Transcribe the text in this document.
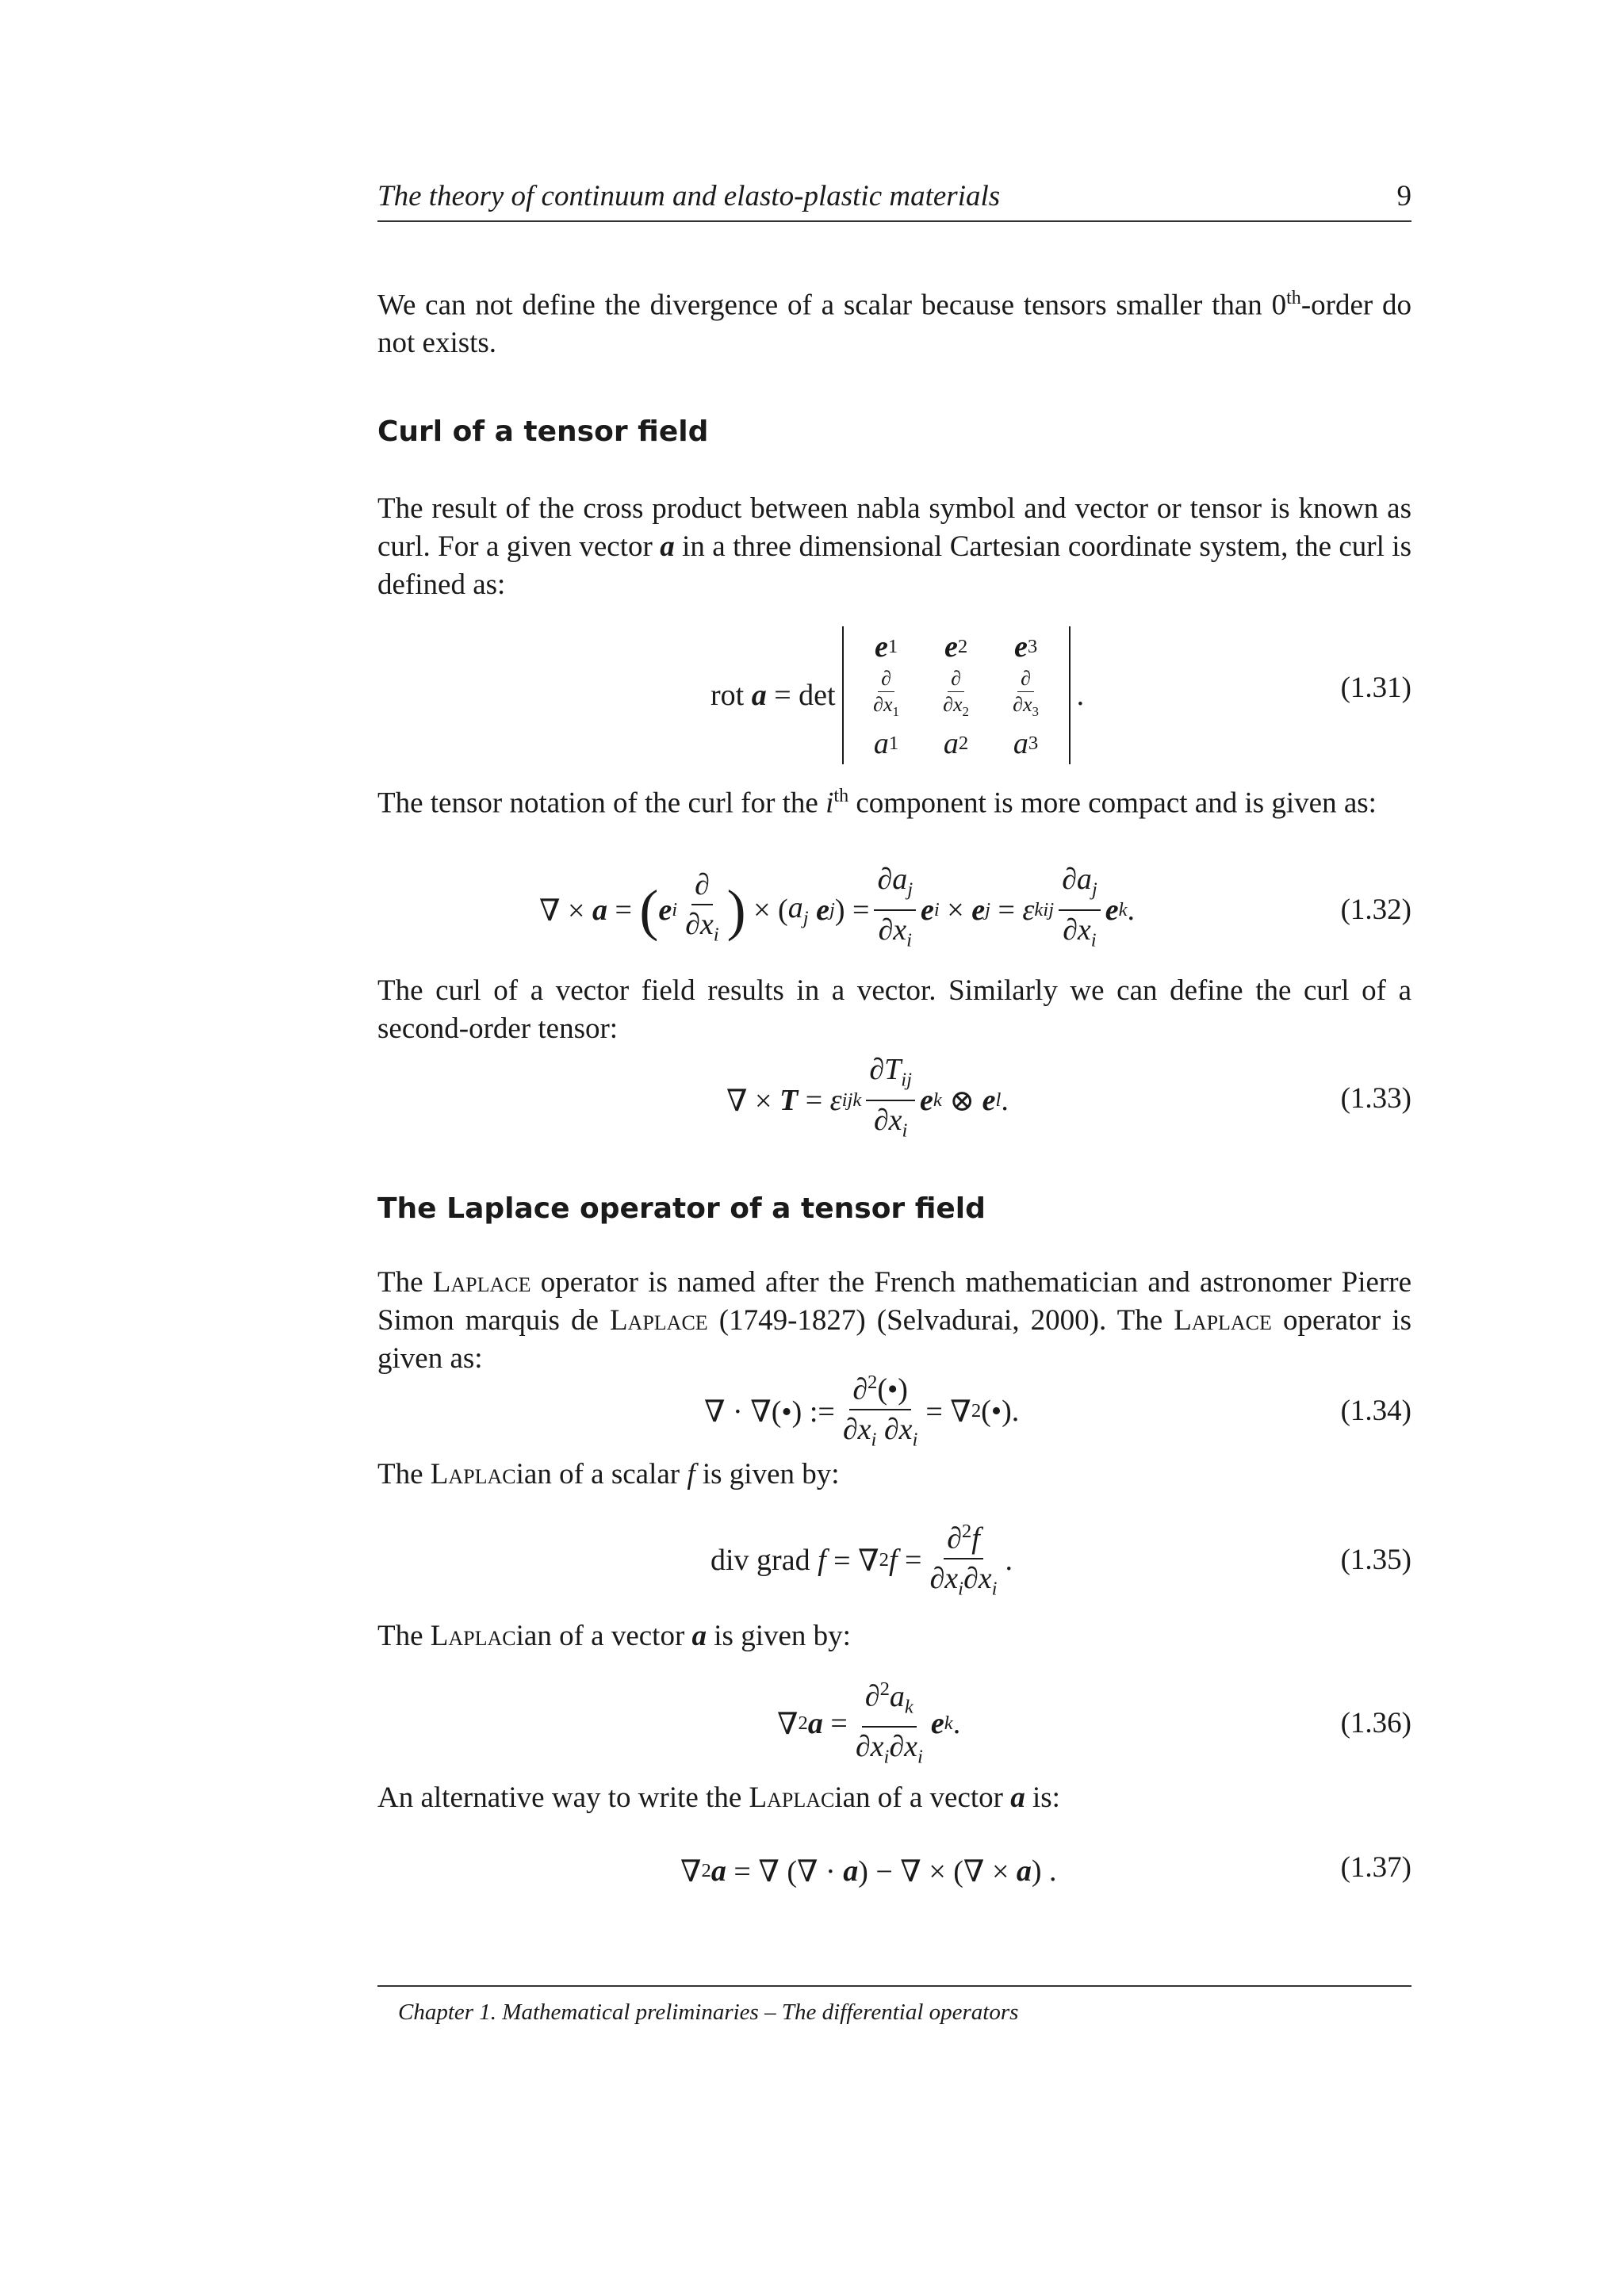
The theory of continuum and elasto-plastic materials	9
We can not define the divergence of a scalar because tensors smaller than 0th-order do not exists.
Curl of a tensor field
The result of the cross product between nabla symbol and vector or tensor is known as curl. For a given vector a in a three dimensional Cartesian coordinate system, the curl is defined as:
rot a = det
e 1 e 2 e 3
$\frac{\partial}{\partial x_1} \frac{\partial}{\partial x_2} \frac{\partial}{\partial x_3}$
a 1 a 2 a 3
.	(1.31)
The tensor notation of the curl for the $i^{th}$ component is more compact and is given as:
∇ × a = ( e i $\frac{\partial}{\partial x_i}$ ) × ( $a_j$
e j ) = $\frac{\partial a_j}{\partial x_i}$ e i × e j = ε kij $\frac{\partial a_j}{\partial x_i}$ e k .	(1.32)
The curl of a vector field results in a vector. Similarly we can define the curl of a second-order tensor:
∇ × T = ε ijk $\frac{\partial T_{ij}}{\partial x_i}$ e k ⊗ e l .	(1.33)
The Laplace operator of a tensor field
The Laplace operator is named after the French mathematician and astronomer Pierre Simon marquis de Laplace (1749-1827) (Selvadurai, 2000). The Laplace operator is given as:
∇ · ∇(•) := $\frac{\partial^2(•)}{\partial x_i \partial x_i}$ = ∇ 2 (•).	(1.34)
The Laplacian of a scalar f is given by:
div grad f = ∇ 2 $f = \frac{\partial^2f}{\partial x_i\partial x_i}$ .	(1.35)
The Laplacian of a vector a is given by:
∇ 2 $a = \frac{\partial^2a_k}{\partial x_i\partial x_i}$ e k .	(1.36)
An alternative way to write the Laplacian of a vector a is:
∇ 2 a = ∇ (∇ · a ) − ∇ × (∇ × a ) .	(1.37)
Chapter 1. Mathematical preliminaries – The differential operators
